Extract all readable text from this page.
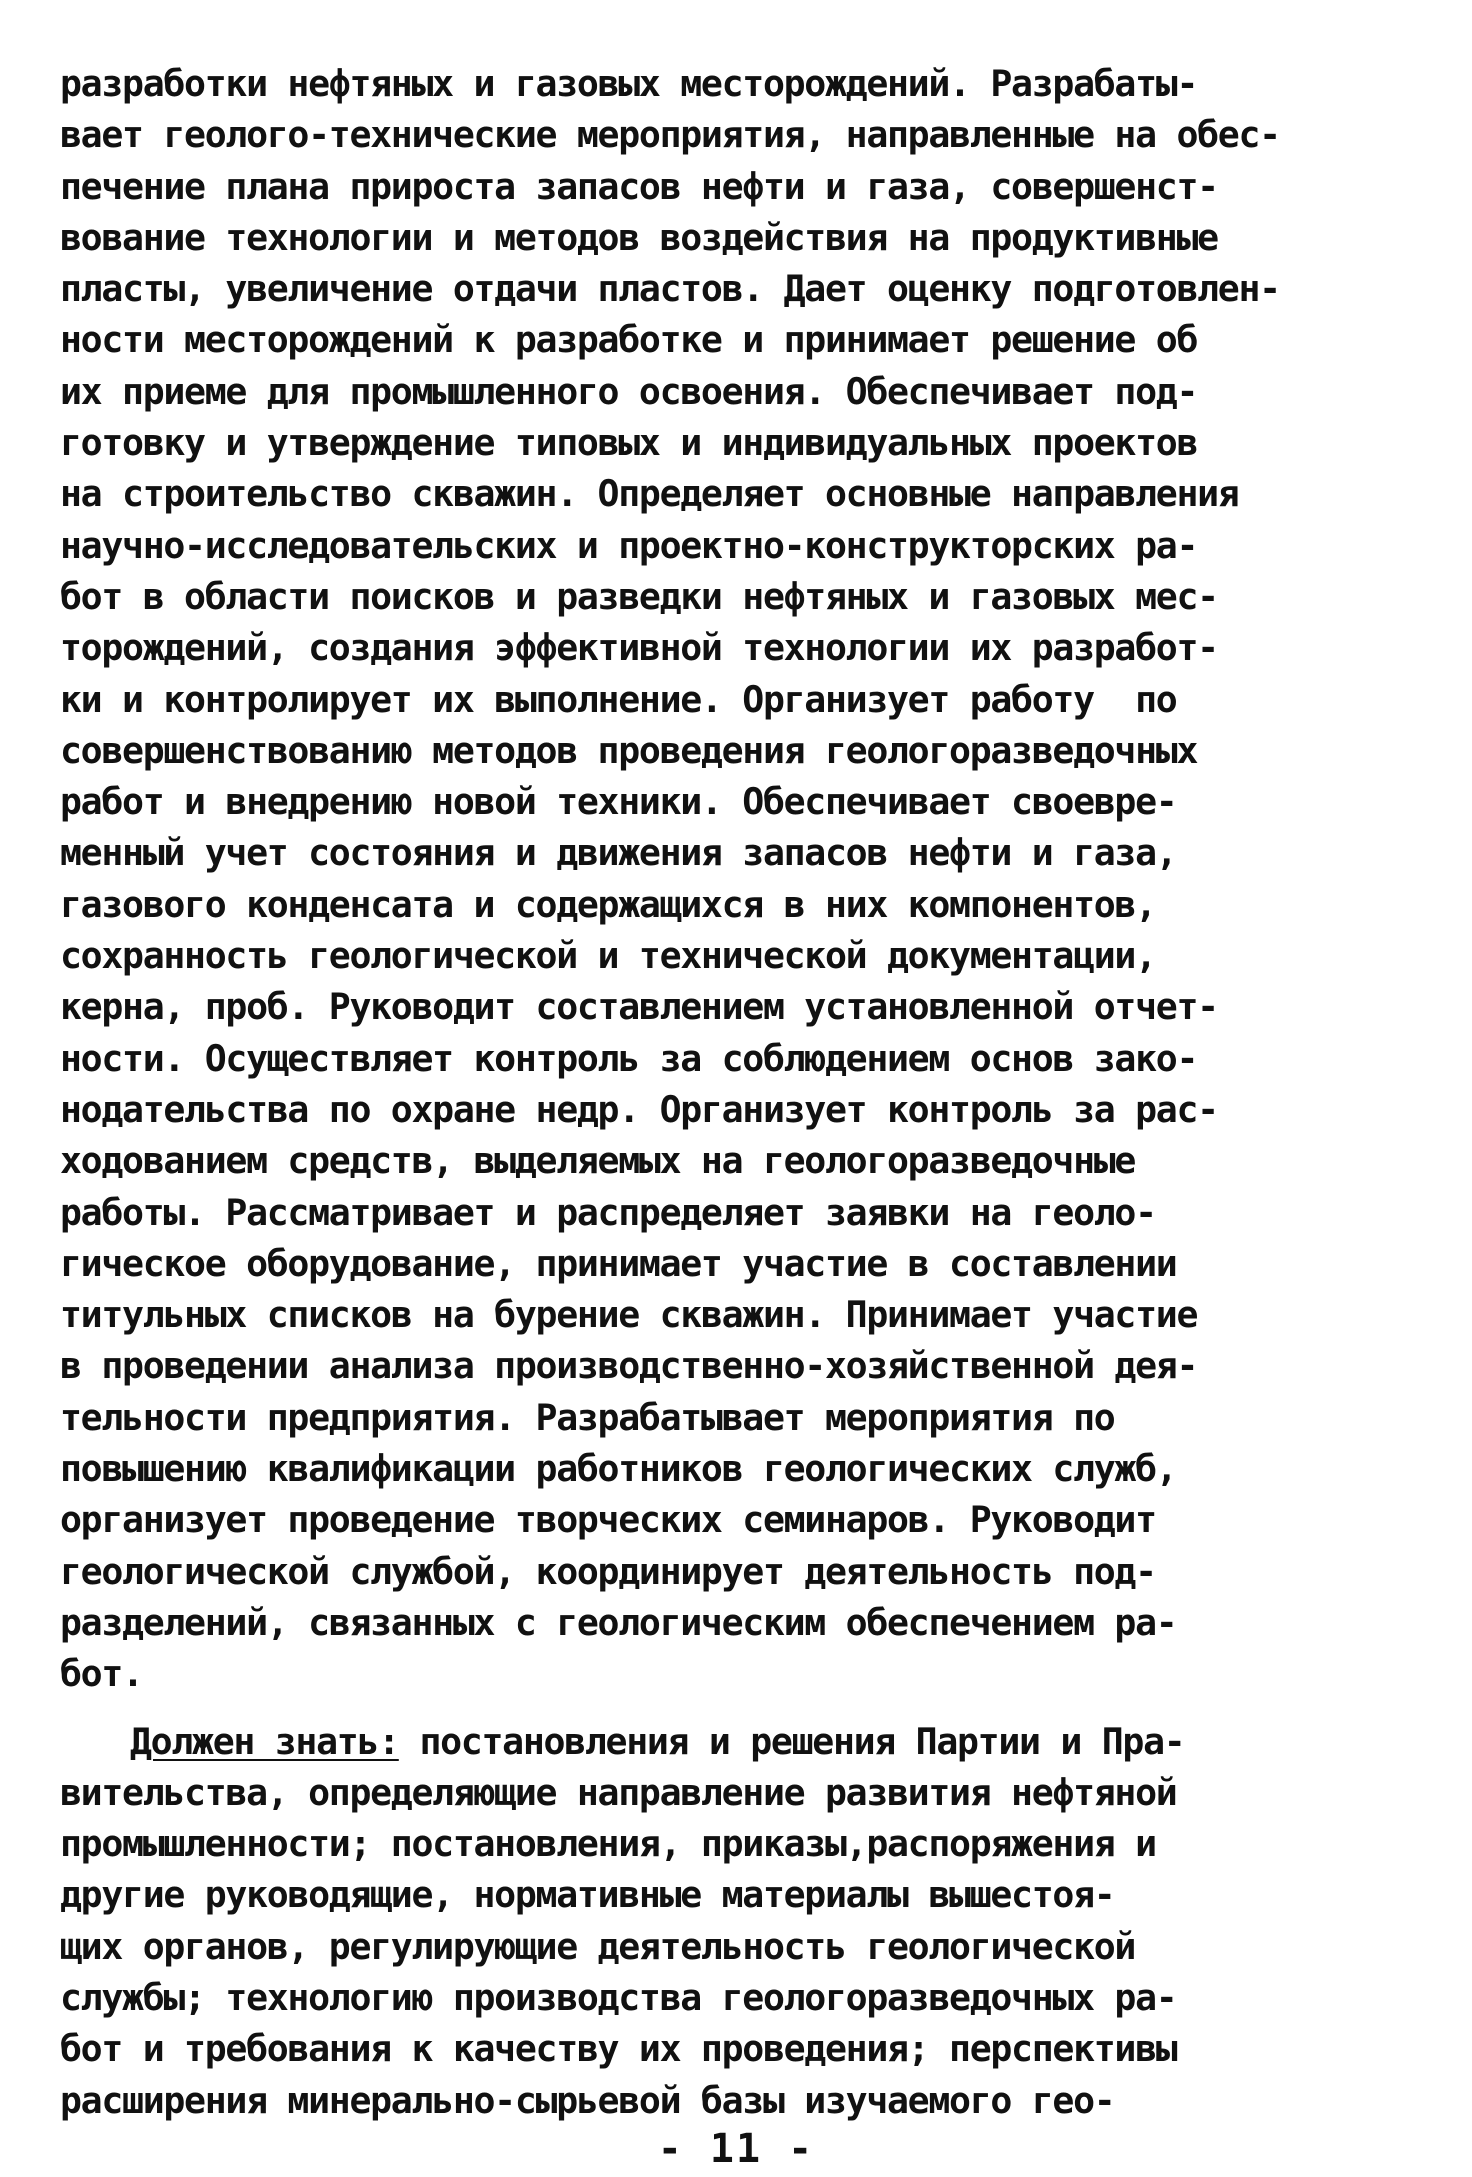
разработки нефтяных и газовых месторождений. Разрабаты-
вает геолого-технические мероприятия, направленные на обес-
печение плана прироста запасов нефти и газа, совершенст-
вование технологии и методов воздействия на продуктивные
пласты, увеличение отдачи пластов. Дает оценку подготовлен-
ности месторождений к разработке и принимает решение об
их приеме для промышленного освоения. Обеспечивает под-
готовку и утверждение типовых и индивидуальных проектов
на строительство скважин. Определяет основные направления
научно-исследовательских и проектно-конструкторских ра-
бот в области поисков и разведки нефтяных и газовых мес-
торождений, создания эффективной технологии их разработ-
ки и контролирует их выполнение. Организует работу  по
совершенствованию методов проведения геологоразведочных
работ и внедрению новой техники. Обеспечивает своевре-
менный учет состояния и движения запасов нефти и газа,
газового конденсата и содержащихся в них компонентов,
сохранность геологической и технической документации,
керна, проб. Руководит составлением установленной отчет-
ности. Осуществляет контроль за соблюдением основ зако-
нодательства по охране недр. Организует контроль за рас-
ходованием средств, выделяемых на геологоразведочные
работы. Рассматривает и распределяет заявки на геоло-
гическое оборудование, принимает участие в составлении
титульных списков на бурение скважин. Принимает участие
в проведении анализа производственно-хозяйственной дея-
тельности предприятия. Разрабатывает мероприятия по
повышению квалификации работников геологических служб,
организует проведение творческих семинаров. Руководит
геологической службой, координирует деятельность под-
разделений, связанных с геологическим обеспечением ра-
бот.
Должен знать: постановления и решения Партии и Пра-
вительства, определяющие направление развития нефтяной
промышленности; постановления, приказы,распоряжения и
другие руководящие, нормативные материалы вышестоя-
щих органов, регулирующие деятельность геологической
службы; технологию производства геологоразведочных ра-
бот и требования к качеству их проведения; перспективы
расширения минерально-сырьевой базы изучаемого гео-
- 11 -
